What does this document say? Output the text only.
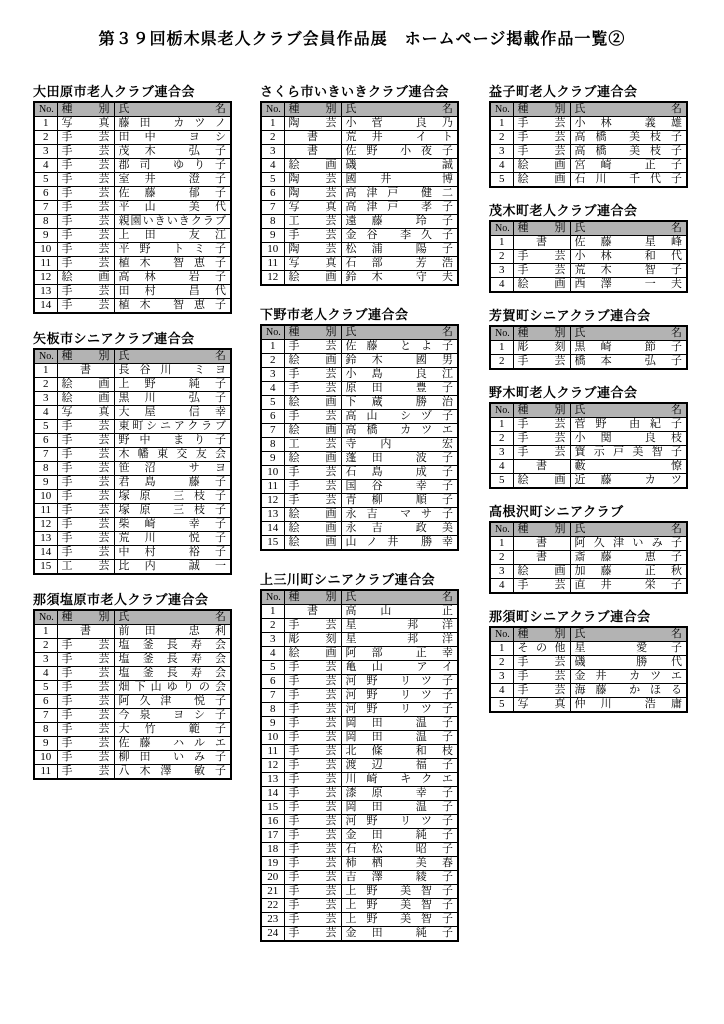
第３９回栃木県老人クラブ会員作品展　ホームページ掲載作品一覧②
大田原市老人クラブ連合会
No.	種別	氏名
1	写真	藤田 カツノ
2	手芸	田中 ヨシ
3	手芸	茂木 弘子
4	手芸	郡司 ゆり子
5	手芸	室井 澄子
6	手芸	佐藤 郁子
7	手芸	平山 美代
8	手芸	親園いきいきクラブ
9	手芸	上田 友江
10	手芸	平野 トミ子
11	手芸	植木 智恵子
12	絵画	高林 岩子
13	手芸	田村 昌代
14	手芸	植木 智恵子
矢板市シニアクラブ連合会
No.	種別	氏名
1	書	長谷川 ミヨ
2	絵画	上野 純子
3	絵画	黒川 弘子
4	写真	大屋 信幸
5	手芸	東町シニアクラブ
6	手芸	野中 まり子
7	手芸	木幡東交友会
8	手芸	笹沼 サヨ
9	手芸	君島 藤子
10	手芸	塚原 三枝子
11	手芸	塚原 三枝子
12	手芸	柴崎 幸子
13	手芸	荒川 悦子
14	手芸	中村 裕子
15	工芸	比内 誠一
那須塩原市老人クラブ連合会
No.	種別	氏名
1	書	前田 忠利
2	手芸	塩釜長寿会
3	手芸	塩釜長寿会
4	手芸	塩釜長寿会
5	手芸	畑下山ゆりの会
6	手芸	阿久津 悦子
7	手芸	今泉 ヨシ子
8	手芸	大竹 範子
9	手芸	佐藤 ハルエ
10	手芸	柳田 いみ子
11	手芸	八木澤 敏子
さくら市いきいきクラブ連合会
No.	種別	氏名
1	陶芸	小菅 良乃
2	書	荒井 イト
3	書	佐野 小夜子
4	絵画	磯 誠
5	陶芸	國井 博
6	陶芸	高津戸 健二
7	写真	高津戸 孝子
8	工芸	遠藤 玲子
9	手芸	金谷 李久子
10	陶芸	松浦 陽子
11	写真	石部 芳浩
12	絵画	鈴木 守夫
下野市老人クラブ連合会
No.	種別	氏名
1	手芸	佐藤 とよ子
2	絵画	鈴木 國男
3	手芸	小島 良江
4	手芸	原田 豊子
5	絵画	下蔵 勝治
6	手芸	高山 シヅ子
7	絵画	高橋 カツエ
8	工芸	寺内 宏
9	絵画	蓬田 波子
10	手芸	石島 成子
11	手芸	国谷 幸子
12	手芸	青柳 順子
13	絵画	永吉 マサ子
14	絵画	永吉 政美
15	絵画	山ノ井 勝幸
上三川町シニアクラブ連合会
No.	種別	氏名
1	書	高山 正
2	手芸	星 邦洋
3	彫刻	星 邦洋
4	絵画	阿部 正幸
5	手芸	亀山 アイ
6	手芸	河野 リツ子
7	手芸	河野 リツ子
8	手芸	河野 リツ子
9	手芸	岡田 温子
10	手芸	岡田 温子
11	手芸	北條 和枝
12	手芸	渡辺 福子
13	手芸	川崎 キクエ
14	手芸	漆原 幸子
15	手芸	岡田 温子
16	手芸	河野 リツ子
17	手芸	金田 純子
18	手芸	石松 昭子
19	手芸	柿栖 美春
20	手芸	吉澤 綾子
21	手芸	上野 美智子
22	手芸	上野 美智子
23	手芸	上野 美智子
24	手芸	金田 純子
益子町老人クラブ連合会
No.	種別	氏名
1	手芸	小林 義雄
2	手芸	高橋 美枝子
3	手芸	高橋 美枝子
4	絵画	宮崎 正子
5	絵画	石川 千代子
茂木町老人クラブ連合会
No.	種別	氏名
1	書	佐藤 星峰
2	手芸	小林 和代
3	手芸	荒木 智子
4	絵画	西澤 一夫
芳賀町シニアクラブ連合会
No.	種別	氏名
1	彫刻	黒崎 節子
2	手芸	橋本 弘子
野木町老人クラブ連合会
No.	種別	氏名
1	手芸	菅野 由紀子
2	手芸	小関 良枝
3	手芸	寳示戸美智子
4	書	藪 憭
5	絵画	近藤 カツ
高根沢町シニアクラブ
No.	種別	氏名
1	書	阿久津いみ子
2	書	斎藤 恵子
3	絵画	加藤 正秋
4	手芸	直井 栄子
那須町シニアクラブ連合会
No.	種別	氏名
1	その他	星 愛子
2	手芸	磯 勝代
3	手芸	金井 カツエ
4	手芸	海藤 かほる
5	写真	仲川 浩庸
